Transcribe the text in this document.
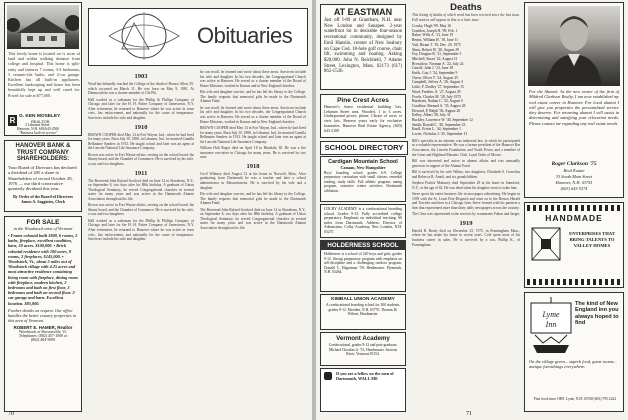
This lovely home is located on ¼ acres of land and within walking distance from college and hospital. This home is split-entry and features 7 rooms, 3-4 bedrooms, 3 ceramic-tile baths, and 2-car garage. Kitchen has all built-in appliances. Excellent landscaping and home has been beautifully kept up and well cared for. Priced for sale at $77,000.

R G. KEN MOSELEY
REALTOR
3 Lebanon Street
Hanover, N.H. 603/643-2560
"Business built on service"
HANOVER BANK & TRUST COMPANY SHAREHOLDERS:

Your Board of Directors has declared a dividend of 28¢ a share to Shareholders of record October 28, 1976 — our third consecutive quarterly dividend this year.

By Order of the Board of Directors
James A. Saggiotes, Clerk
FOR SALE
in the Woodstock area of Vermont

• Frame colonial built 1808, 6 rooms, 2 baths, fireplace, excellent condition, barn, 50 acres. $100,000. • Brick colonial residence with 100 acres, 8 rooms, 2 fireplaces, $145,000. • Woodstock, Vt., about 3 miles out of Woodstock village with 4.25 acres and most attractive residence containing living room with fireplace, dining room with fireplace, modern kitchen, 2 bedrooms and bath on first floor, 3 bedrooms and bath on second floor. 2-car garage and barn. Excellent location. $85,000.

Further details on request. Our office handles the better country properties in this area of Vermont.

ROBERT E. HAMER, Realtor
Woodstock or Brownsville, Vt.
Telephones: (802) 457-1000 or
(802) 484-5009
Obituaries
1903

Word has belatedly reached the College of the death of Horace Allen, 95, which occurred on March 11. He was born on May 9, 1881. At Dartmouth he was a charter member of Chi Phi.

Hall worked as a salesman for the Phillip & Phillips Company of Chicago and later for the H. H. Pattee Company of Jamestown, N.Y. After retirement, he returned to Hanover where he was active in town civic, law enforcement, and nationally for the cause of temperance. Survivors include his wife and daughter.

1910

BROWN COOPER died May 14 in Fort Wayne, Ind., where he had lived for many years. Born July 10, 1888, in Lebanon, Ind., he married Camilla Bellmaine Sanders in 1913. He taught school and later was an agent at the Lincoln National Life Insurance Company.

Brown was active in Fort Wayne affairs, serving on the school board, the library board, and the Chamber of Commerce. He is survived by his wife, a son, and two daughters.

1911

The Reverend John Ryland Scotford died on June 12 in Shoreham, N.Y., on September 8, two days after his 88th birthday. A graduate of Union Theological Seminary, he served Congregational churches in several states for many years and was active in the Dartmouth Alumni Association throughout his life.

Brown was active in Fort Wayne affairs, serving on the school board, the library board, and the Chamber of Commerce. He is survived by his wife, a son, and two daughters.

Hall worked as a salesman for the Phillip & Phillips Company of Chicago and later for the H. H. Pattee Company of Jamestown, N.Y. After retirement, he returned to Hanover where he was active in town civic, law enforcement, and nationally for the cause of temperance. Survivors include his wife and daughter.

he can recall, he learned and wrote about these areas. Survivors include his wife and daughter. In his two decades, the Congregational Church was active in Hanover. He served as a charter member of the Board of Home Missions, worked in Kansas and in New England churches.

His wife and daughter survive, and he has left his library to the College. The family requests that memorial gifts be made to the Dartmouth Alumni Fund.

he can recall, he learned and wrote about these areas. Survivors include his wife and daughter. In his two decades, the Congregational Church was active in Hanover. He served as a charter member of the Board of Home Missions, worked in Kansas and in New England churches.

BROWN COOPER died May 14 in Fort Wayne, Ind., where he had lived for many years. Born July 10, 1888, in Lebanon, Ind., he married Camilla Bellmaine Sanders in 1913. He taught school and later was an agent at the Lincoln National Life Insurance Company.

William Holt Roger died on April 18 in Hinsdale, Ill. He was a fire insurance executive in Chicago for many years. He is survived by two sons.

1918

Cecil Whitney died August 12 at his home in Norwell, Mass. After graduating from Dartmouth he was a teacher and later a school administrator in Massachusetts. He is survived by his wife and a daughter.

His wife and daughter survive, and he has left his library to the College. The family requests that memorial gifts be made to the Dartmouth Alumni Fund.

The Reverend John Ryland Scotford died on June 12 in Shoreham, N.Y., on September 8, two days after his 88th birthday. A graduate of Union Theological Seminary, he served Congregational churches in several states for many years and was active in the Dartmouth Alumni Association throughout his life.

70
AT EASTMAN

Just off I-89 at Grantham, N.H. near New London and Sunapee. 2-year waterfront lot in desirable four-season recreational community, designed by Emil Hanslin, creator of New Seabury on Cape Cod. 18-hole golf course, chair lift, swimming and boating. Asking $28,000. John N. Reichheld, 7 Adams Street, Lexington, Mass. 02173 (617) 862-1536.

Pine Crest Acres

Hanover's finest residential building lots. Lebanon Street area. Wooded, 1 to 3 acres. Underground power, phone. Choice of acres or view lots. Reserve yours early for exclusive homesites. Hanover Real Estate Agency, (603) 643-2100

SCHOOL DIRECTORY
Cardigan Mountain School
Canaan, New Hampshire

Boys' boarding school, grades 6-9. College preparatory curriculum with small classes, remedial reading, study skills. Full athletic program, outing program, extensive winter activities. Dartmouth affiliation.

COLBY ACADEMY is a coeducational boarding school. Grades 9-12. Fully accredited college preparatory. Emphasis on individual teaching. 60 miles from Dartmouth. Address: Director of Admissions, Colby Academy, New London, N.H. 03257.

HOLDERNESS SCHOOL

Holderness is a school of 220 boys and girls, grades 9-12. Strong preparatory program with emphasis on self-discipline and a challenging outdoor program. Donald C. Hagerman '59, Headmaster. Plymouth, N.H. 03264.

KIMBALL UNION ACADEMY

A coeducational boarding school for 300 students, grades 9-12. Meriden, N.H. 03770. Thomas H. Wilson, Headmaster.

Vermont Academy

Coeducational, grades 9-12 and post-graduate. Michael Choukas Jr. '51, Headmaster. Saxtons River, Vermont 05154.

If you are a fellow on the men of Dartmouth, WALL ME

Deaths

This listing of deaths of which word has been received since the last issue. Full notices will appear in this or a later issue.

Crosby, Hugh '09, May 16
Goulden, Joseph H. '09, Feb. 1
Baker, Wills A. '13, June 19
Bemis, William H. '18, June 11
Vail, Hiram T. '19, Dec. 29, 1975
Shaw, Robert W. '20, August 29
Fay, Douglas R. '21, September 5
Mitchell, Stuart '22, August 31
Brownlow, Norman A. '22, July 24
Carroll, John J. '23, June 18
Keith, Guy J. '24, September 9
Owen, Oliver T. '24, August 25
Campbell, Jeffrey A. '26, August 3
Little, F. Dudley '27, September 15
Ward, Frederic A. '27, August 29
Fowle, Charles M. '28, July 1975
Burnham, Nathan C. '32, August 9
Goodhue, Bernard S. '35, August 28
Howard, P. Ralph '36, August 20
Kelley, Albert '38, July 31
Buckley, Lawrence W. '40, September 12
Smith, Donald C. '40, September 23
Knoll, Erwin L. '44, September 1
Lozier, Nicholas J. '45, September 13

Bill's specialty as an attorney was industrial law, in which he participated as a valuable representative. He was a former president of the Hanover Bar Association, the Lincoln Foundation, and Youth Power, and a member of the Great and Highland Masonic Club, Loyal Order of Moose.

Bill was interested and active in alumni affairs and was unusually generous in support of the Alumni Fund.

Bill is survived by his wife Wilma, two daughters, Elizabeth S. Cornelius and Rebecca R. Ameli, and six grandchildren.

Stephen Patrick Mahoney died September 29 at his home in Stamford, N.Y., at the age of 62. He was dead when his daughter went to wake him.

Steve spent his entire business life in newspaper advertising. He began in 1939 with the St. Louis Post-Dispatch and went on to the Boston Herald and Traveler and then to a Chicago firm. Steve formed with his partners a firm that represented more than thirty daily newspapers across the country.

The Class was represented at the services by roommates Fulton and Jaeger.

1919

Harold R. Brady died on December 25, 1975, in Framingham Mass., where he has made his home in recent years. Cole spent most of his business career in sales. He is survived by a son, Phillip K., of Framingham.

For the Alumni: As the new owner of the firm of Mildred Clarkson Realty, I am now established my real estate career in Hanover. For local alumni I will give you properties the personalized service they deserve. For returning alumni I will assist in determining and satisfying your relocation needs. Please contact me regarding any real estate needs.

Roger Clarkson '75
Real Estate
33 South Main Street
Hanover, N.H. 03755
(603) 643-5374
HANDMADE
ENTERPRISES THAT BRING TALENTS TO VALLEY HOMES
Lyme
Inn
The kind of New England inn you always hoped to find
On the village green... superb food, guest rooms... antique furnishings everywhere.
Fine food since 1809. Lyme, N.H. 03768 (603) 795-2222
71
